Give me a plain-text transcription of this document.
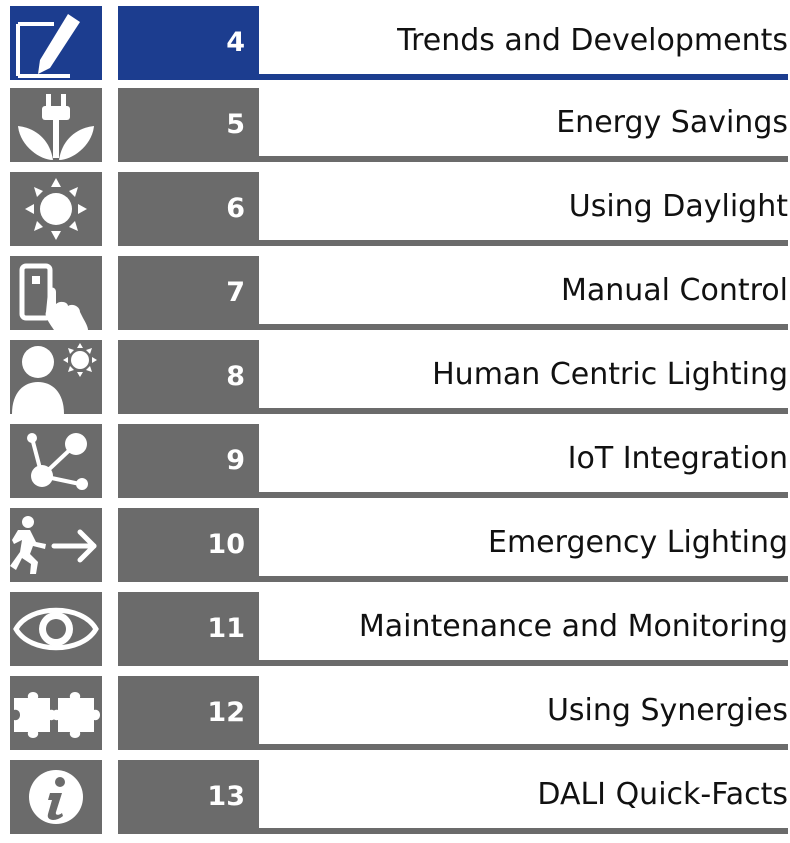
4	Trends and Developments
5	Energy Savings
6	Using Daylight
7	Manual Control
8	Human Centric Lighting
9	IoT Integration
10	Emergency Lighting
11	Maintenance and Monitoring
12	Using Synergies
13	DALI Quick-Facts
